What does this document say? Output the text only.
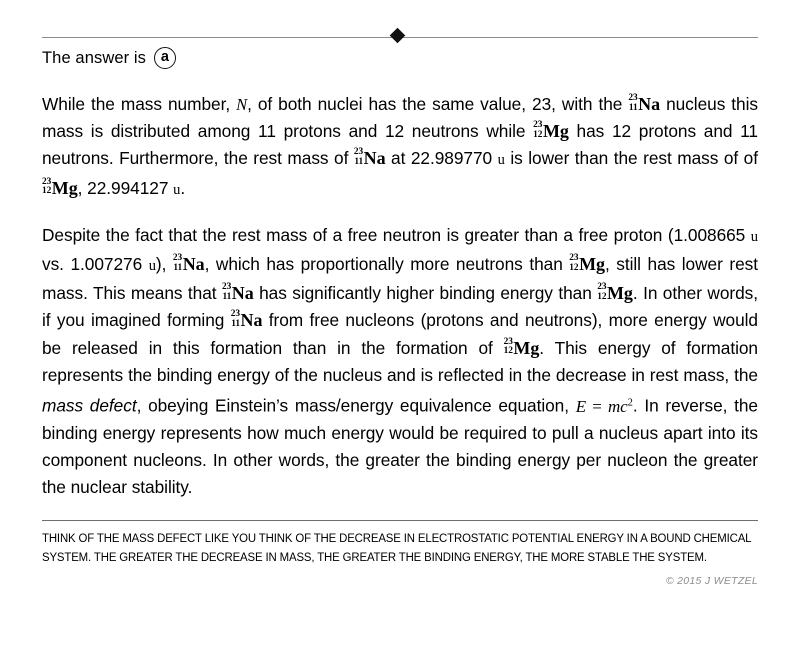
The answer is	a

While the mass number, N, of both nuclei has the same value, 23, with the 23
11 Na nucleus this mass is distributed among 11 protons and 12 neutrons while 23
12 Mg has 12 protons and 11 neutrons. Furthermore, the rest mass of 23
11 Na at 22.989770 u is lower than the rest mass of of
23
12 Mg, 22.994127 u.

Despite the fact that the rest mass of a free neutron is greater than a free proton (1.008665 u vs. 1.007276 u), 23
11 Na, which has proportionally more neutrons than 23
12 Mg, still has lower rest mass. This means that 23
11 Na has significantly higher binding energy than 23
12 Mg. In other words, if you imagined forming 23
11 Na from free nucleons (protons and neutrons), more energy would be released in this formation than in the formation of 23
12 Mg. This energy of formation represents the binding energy of the nucleus and is reflected in the decrease in rest mass, the mass defect, obeying Einstein’s mass/energy equivalence equation, $E = mc^2$. In reverse, the binding energy represents how much energy would be required to pull a nucleus apart into its component nucleons. In other words, the greater the binding energy per nucleon the greater the nuclear stability.

THINK OF THE MASS DEFECT LIKE YOU THINK OF THE DECREASE IN ELECTROSTATIC POTENTIAL ENERGY IN A BOUND CHEMICAL SYSTEM. THE GREATER THE DECREASE IN MASS, THE GREATER THE BINDING ENERGY, THE MORE STABLE THE SYSTEM.
© 2015 J WETZEL
